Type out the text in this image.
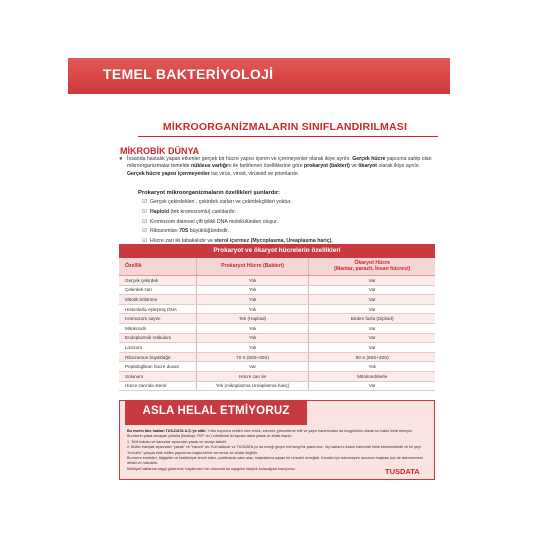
TEMEL BAKTERİYOLOJİ
MİKROORGANİZMALARIN SINIFLANDIRILMASI
MİKROBİK DÜNYA
● İnsanda hastalık yapan etkenler gerçek bir hücre yapısı içeren ve içermeyenler olarak ikiye ayrılır. Gerçek hücre yapısına sahip olan mikroorganizmalar temelde nükleus varlığını ile belirlenen özelliklerine göre prokaryot (bakteri) ve ökaryot olarak ikiye ayrılır. Gerçek hücre yapısı içermeyenler ise virüs, viroid, virüsoid ve prionlardır.
Prokaryot mikroorganizmaların özellikleri şunlardır:
☑ Gerçek çekirdekleri , çekirdek zarları ve çekirdekçikleri yoktur.
☑ Haploid (tek kromozomlu) canlılardır.
☑ Kromozom dairesel çift iplikli DNA molekülünden oluşur.
☑ Ribozomları 70S büyüklüğündedir.
☑ Hücre zarı iki tabakalıdır ve sterol içermez (Mycoplasma, Ureaplasma hariç).
Prokaryot ve ökaryot hücrelerin özellikleri
Özellik	Prokaryot Hücre (Bakteri)	Ökaryot Hücre
(Mantar, parazit, İnsan hücresi)
Gerçek çekirdek	Yok	Var
Çekirdek zarı	Yok	Var
Mitotik bölünme	Yok	Var
Histonlarla eşleşmiş DNA	Yok	Var
Kromozom sayısı	Tek (Haploid)	Birden fazla (Diploid)
Mitokondri	Yok	Var
Endoplazmik retikulum	Yok	Var
Lizozom	Yok	Var
Ribozomun büyüklüğü	70 S (50S+30S)	80 S (60S+40S)
Peptidoglikan hücre duvarı	Var	Yok
Solunum	Hücre zarı ile	Mitokondrilerle
Hücre zarında sterol	Yok (mikoplazma Ureaplasma hariç)	Var
ASLA HELAL ETMİYORUZ

Bu eserin tüm hakları TUS-DATA A.Ş.'ye aittir. Yıllar boyunca verilen nice emek, zahmet, güncelleme telif ve yayın haramından da hoşgörüsüz olarak bu hakkı helal etmeyiz.

Bu eserin yasal olmayan yollarla (fotokopi, PDF vb.) edinilmesi iki açıdan daha yasak ve ahlak dışıdır.

1. Telif hukuku ve kanunlar açısından yasak ve cezayı tabidir.

2. Bütün inançlar açısından "yasak" ve "haram" dır. Kul hakkıdır ve TUSDATA yo da emeği geçen herhangi bir yazarımız, hiç haklarını lisans haricinde helal etmemektedir ve bir şeyi "hırsızlık" yoluyla elde edilen yayınımızı başka birine vermeniz de ahlaki değildir.

Bu esere emekleri, ibigiyetle ve kredileriyle tercih eden, yulaftırarak satın alan, başkalarına yayan bir hırsızlık örneğidir. Kendisi için istenmeyen durumun başkası için de istenmemesi ahlaki ve hukukidir.

Mülkiyet haklarına saygı gösteriniz; hayatınızın her alanında bu saygının karşılık bulacağına inanıyoruz.	TUSDATA
